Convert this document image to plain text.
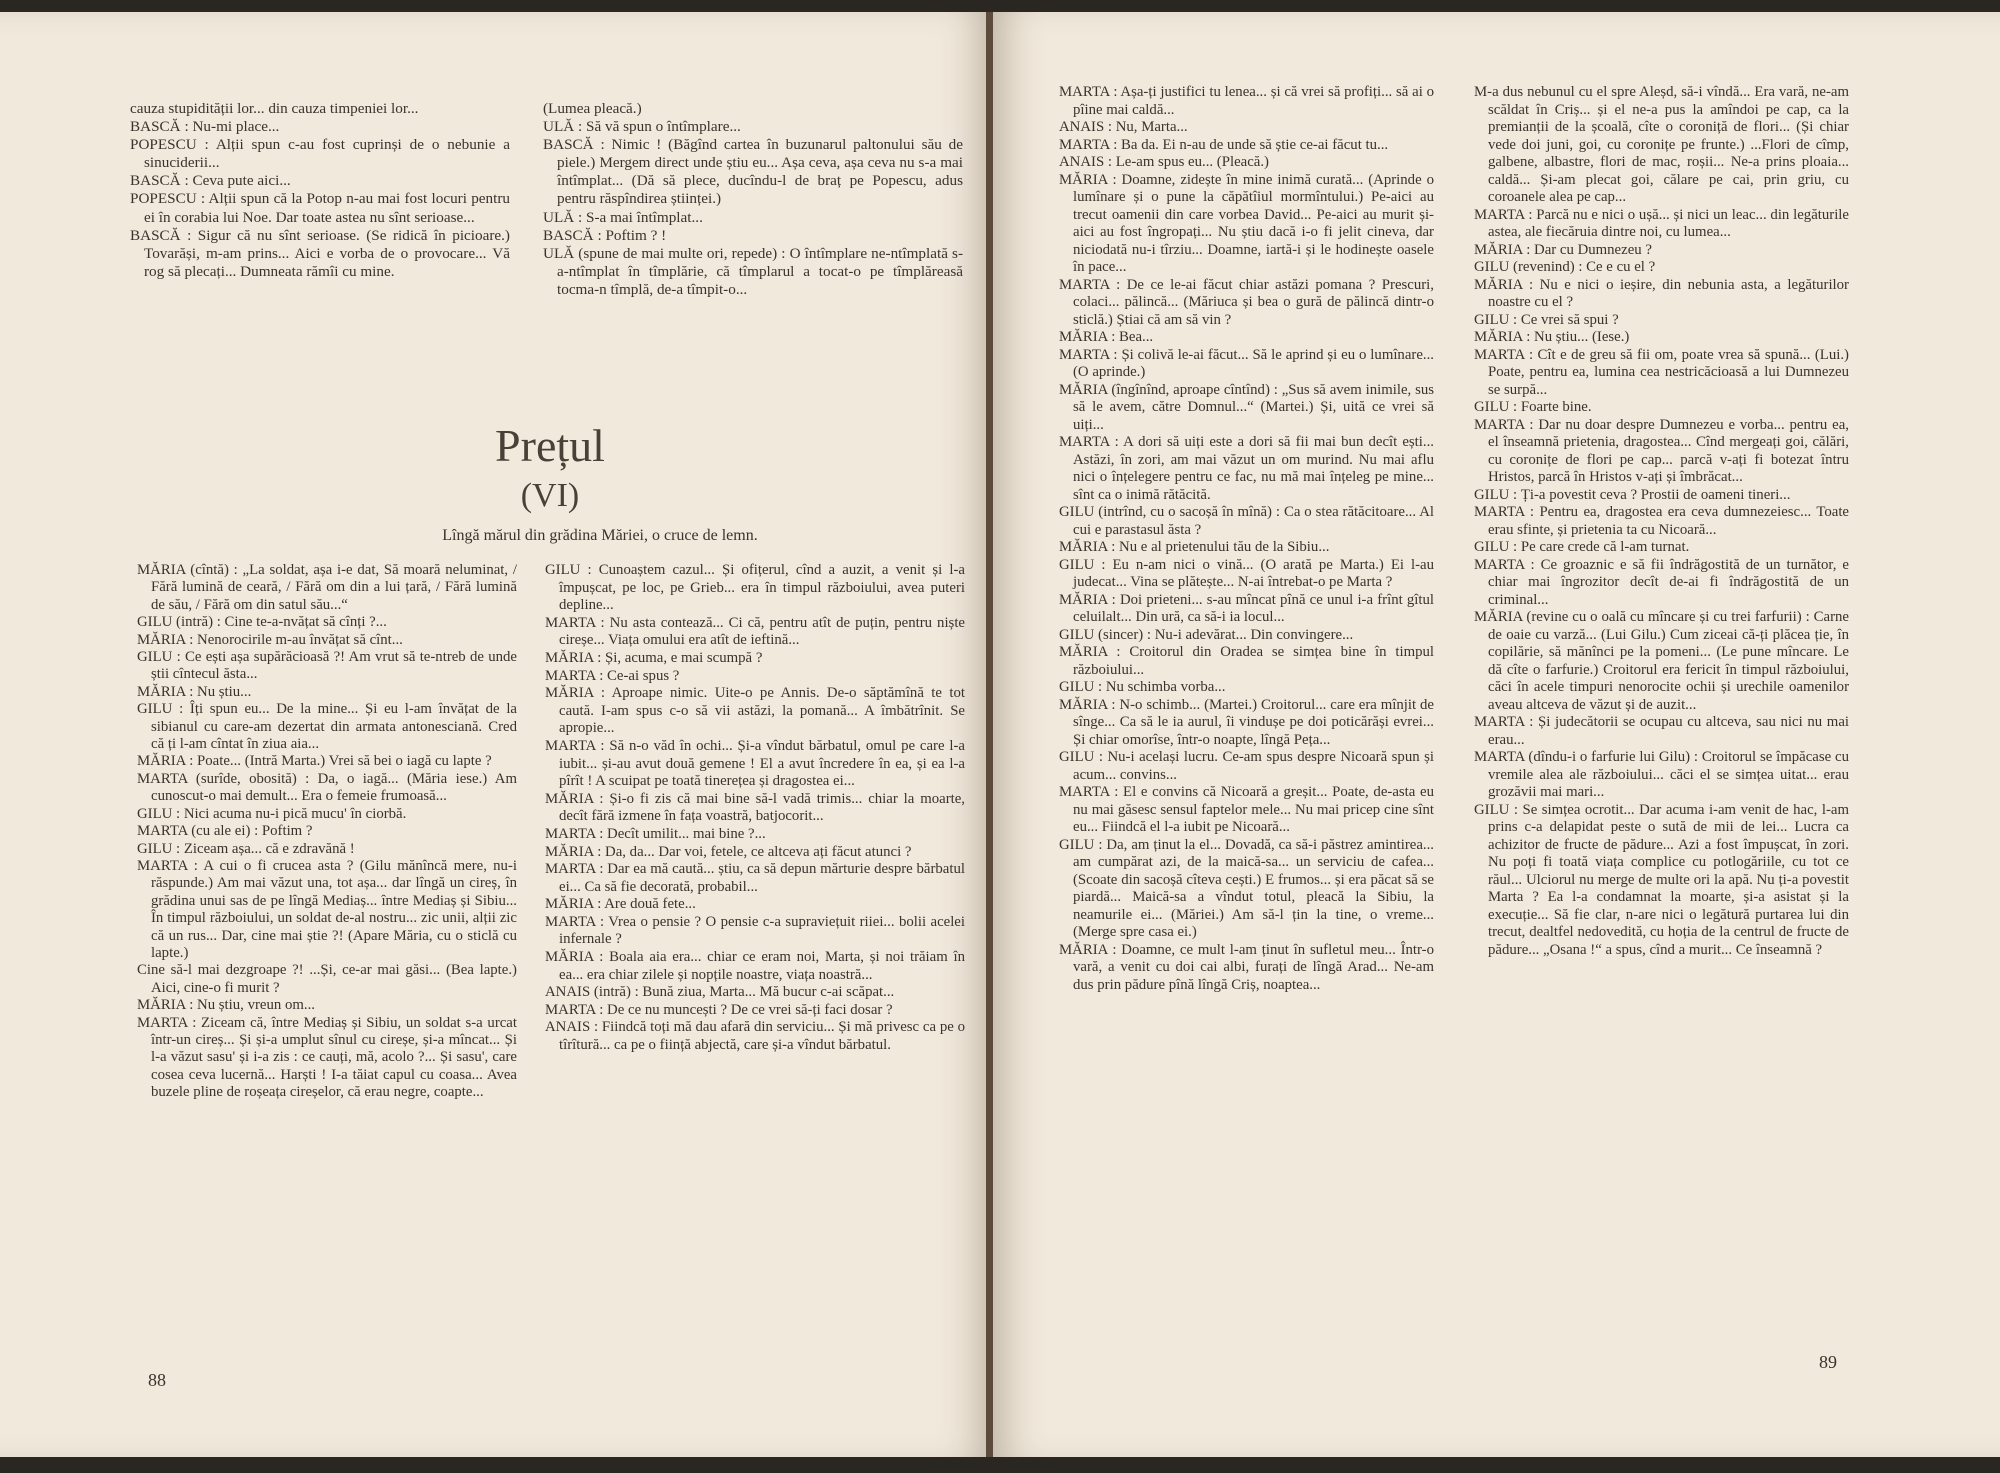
cauza stupidității lor... din cauza timpeniei lor...

BASCĂ : Nu-mi place...

POPESCU : Alții spun c-au fost cuprinși de o nebunie a sinuciderii...

BASCĂ : Ceva pute aici...

POPESCU : Alții spun că la Potop n-au mai fost locuri pentru ei în corabia lui Noe. Dar toate astea nu sînt serioase...

BASCĂ : Sigur că nu sînt serioase. (Se ridică în picioare.) Tovarăși, m-am prins... Aici e vorba de o provocare... Vă rog să plecați... Dumneata rămîi cu mine.

(Lumea pleacă.)

ULĂ : Să vă spun o întîmplare...

BASCĂ : Nimic ! (Băgînd cartea în buzunarul paltonului său de piele.) Mergem direct unde știu eu... Așa ceva, așa ceva nu s-a mai întîmplat... (Dă să plece, ducîndu-l de braț pe Popescu, adus pentru răspîndirea științei.)

ULĂ : S-a mai întîmplat...

BASCĂ : Poftim ? !

ULĂ (spune de mai multe ori, repede) : O întîmplare ne-ntîmplată s-a-ntîmplat în tîmplărie, că tîmplarul a tocat-o pe tîmplăreasă tocma-n tîmplă, de-a tîmpit-o...

Prețul
(VI)
Lîngă mărul din grădina Măriei, o cruce de lemn.

MĂRIA (cîntă) : „La soldat, așa i-e dat, Să moară neluminat, / Fără lumină de ceară, / Fără om din a lui țară, / Fără lumină de său, / Fără om din satul său...“

GILU (intră) : Cine te-a-nvățat să cînți ?...

MĂRIA : Nenorocirile m-au învățat să cînt...

GILU : Ce ești așa supărăcioasă ?! Am vrut să te-ntreb de unde știi cîntecul ăsta...

MĂRIA : Nu știu...

GILU : Îți spun eu... De la mine... Și eu l-am învățat de la sibianul cu care-am dezertat din armata antonesciană. Cred că ți l-am cîntat în ziua aia...

MĂRIA : Poate... (Intră Marta.) Vrei să bei o iagă cu lapte ?

MARTA (surîde, obosită) : Da, o iagă... (Măria iese.) Am cunoscut-o mai demult... Era o femeie frumoasă...

GILU : Nici acuma nu-i pică mucu' în ciorbă.

MARTA (cu ale ei) : Poftim ?

GILU : Ziceam așa... că e zdravănă !

MARTA : A cui o fi crucea asta ? (Gilu mănîncă mere, nu-i răspunde.) Am mai văzut una, tot așa... dar lîngă un cireș, în grădina unui sas de pe lîngă Mediaș... între Mediaș și Sibiu... În timpul războiului, un soldat de-al nostru... zic unii, alții zic că un rus... Dar, cine mai știe ?! (Apare Măria, cu o sticlă cu lapte.)

Cine să-l mai dezgroape ?! ...Și, ce-ar mai găsi... (Bea lapte.) Aici, cine-o fi murit ?

MĂRIA : Nu știu, vreun om...

MARTA : Ziceam că, între Mediaș și Sibiu, un soldat s-a urcat într-un cireș... Și și-a umplut sînul cu cireșe, și-a mîncat... Și l-a văzut sasu' și i-a zis : ce cauți, mă, acolo ?... Și sasu', care cosea ceva lucernă... Harști ! I-a tăiat capul cu coasa... Avea buzele pline de roșeața cireșelor, că erau negre, coapte...

GILU : Cunoaștem cazul... Și ofițerul, cînd a auzit, a venit și l-a împușcat, pe loc, pe Grieb... era în timpul războiului, avea puteri depline...

MARTA : Nu asta contează... Ci că, pentru atît de puțin, pentru niște cireșe... Viața omului era atît de ieftină...

MĂRIA : Și, acuma, e mai scumpă ?

MARTA : Ce-ai spus ?

MĂRIA : Aproape nimic. Uite-o pe Annis. De-o săptămînă te tot caută. I-am spus c-o să vii astăzi, la pomană... A îmbătrînit. Se apropie...

MARTA : Să n-o văd în ochi... Și-a vîndut bărbatul, omul pe care l-a iubit... și-au avut două gemene ! El a avut încredere în ea, și ea l-a pîrît ! A scuipat pe toată tinerețea și dragostea ei...

MĂRIA : Și-o fi zis că mai bine să-l vadă trimis... chiar la moarte, decît fără izmene în fața voastră, batjocorit...

MARTA : Decît umilit... mai bine ?...

MĂRIA : Da, da... Dar voi, fetele, ce altceva ați făcut atunci ?

MARTA : Dar ea mă caută... știu, ca să depun mărturie despre bărbatul ei... Ca să fie decorată, probabil...

MĂRIA : Are două fete...

MARTA : Vrea o pensie ? O pensie c-a supraviețuit riiei... bolii acelei infernale ?

MĂRIA : Boala aia era... chiar ce eram noi, Marta, și noi trăiam în ea... era chiar zilele și nopțile noastre, viața noastră...

ANAIS (intră) : Bună ziua, Marta... Mă bucur c-ai scăpat...

MARTA : De ce nu muncești ? De ce vrei să-ți faci dosar ?

ANAIS : Fiindcă toți mă dau afară din serviciu... Și mă privesc ca pe o tîrîtură... ca pe o ființă abjectă, care și-a vîndut bărbatul.

88

MARTA : Așa-ți justifici tu lenea... și că vrei să profiți... să ai o pîine mai caldă...

ANAIS : Nu, Marta...

MARTA : Ba da. Ei n-au de unde să știe ce-ai făcut tu...

ANAIS : Le-am spus eu... (Pleacă.)

MĂRIA : Doamne, zidește în mine inimă curată... (Aprinde o lumînare și o pune la căpătîiul mormîntului.) Pe-aici au trecut oamenii din care vorbea David... Pe-aici au murit și-aici au fost îngropați... Nu știu dacă i-o fi jelit cineva, dar niciodată nu-i tîrziu... Doamne, iartă-i și le hodinește oasele în pace...

MARTA : De ce le-ai făcut chiar astăzi pomana ? Prescuri, colaci... pălincă... (Măriuca și bea o gură de pălincă dintr-o sticlă.) Știai că am să vin ?

MĂRIA : Bea...

MARTA : Și colivă le-ai făcut... Să le aprind și eu o lumînare... (O aprinde.)

MĂRIA (îngînînd, aproape cîntînd) : „Sus să avem inimile, sus să le avem, către Domnul...“ (Martei.) Și, uită ce vrei să uiți...

MARTA : A dori să uiți este a dori să fii mai bun decît ești... Astăzi, în zori, am mai văzut un om murind. Nu mai aflu nici o înțelegere pentru ce fac, nu mă mai înțeleg pe mine... sînt ca o inimă rătăcită.

GILU (intrînd, cu o sacoșă în mînă) : Ca o stea rătăcitoare... Al cui e parastasul ăsta ?

MĂRIA : Nu e al prietenului tău de la Sibiu...

GILU : Eu n-am nici o vină... (O arată pe Marta.) Ei l-au judecat... Vina se plătește... N-ai întrebat-o pe Marta ?

MĂRIA : Doi prieteni... s-au mîncat pînă ce unul i-a frînt gîtul celuilalt... Din ură, ca să-i ia locul...

GILU (sincer) : Nu-i adevărat... Din convingere...

MĂRIA : Croitorul din Oradea se simțea bine în timpul războiului...

GILU : Nu schimba vorba...

MĂRIA : N-o schimb... (Martei.) Croitorul... care era mînjit de sînge... Ca să le ia aurul, îi vindușe pe doi poticărăși evrei... Și chiar omorîse, într-o noapte, lîngă Peța...

GILU : Nu-i același lucru. Ce-am spus despre Nicoară spun și acum... convins...

MARTA : El e convins că Nicoară a greșit... Poate, de-asta eu nu mai găsesc sensul faptelor mele... Nu mai pricep cine sînt eu... Fiindcă el l-a iubit pe Nicoară...

GILU : Da, am ținut la el... Dovadă, ca să-i păstrez amintirea... am cumpărat azi, de la maică-sa... un serviciu de cafea... (Scoate din sacoșă cîteva cești.) E frumos... și era păcat să se piardă... Maică-sa a vîndut totul, pleacă la Sibiu, la neamurile ei... (Măriei.) Am să-l țin la tine, o vreme... (Merge spre casa ei.)

MĂRIA : Doamne, ce mult l-am ținut în sufletul meu... Într-o vară, a venit cu doi cai albi, furați de lîngă Arad... Ne-am dus prin pădure pînă lîngă Criș, noaptea...

M-a dus nebunul cu el spre Aleșd, să-i vîndă... Era vară, ne-am scăldat în Criș... și el ne-a pus la amîndoi pe cap, ca la premianții de la școală, cîte o coroniță de flori... (Și chiar vede doi juni, goi, cu coronițe pe frunte.) ...Flori de cîmp, galbene, albastre, flori de mac, roșii... Ne-a prins ploaia... caldă... Și-am plecat goi, călare pe cai, prin griu, cu coroanele alea pe cap...

MARTA : Parcă nu e nici o ușă... și nici un leac... din legăturile astea, ale fiecăruia dintre noi, cu lumea...

MĂRIA : Dar cu Dumnezeu ?

GILU (revenind) : Ce e cu el ?

MĂRIA : Nu e nici o ieșire, din nebunia asta, a legăturilor noastre cu el ?

GILU : Ce vrei să spui ?

MĂRIA : Nu știu... (Iese.)

MARTA : Cît e de greu să fii om, poate vrea să spună... (Lui.) Poate, pentru ea, lumina cea nestricăcioasă a lui Dumnezeu se surpă...

GILU : Foarte bine.

MARTA : Dar nu doar despre Dumnezeu e vorba... pentru ea, el înseamnă prietenia, dragostea... Cînd mergeați goi, călări, cu coronițe de flori pe cap... parcă v-ați fi botezat întru Hristos, parcă în Hristos v-ați și îmbrăcat...

GILU : Ți-a povestit ceva ? Prostii de oameni tineri...

MARTA : Pentru ea, dragostea era ceva dumnezeiesc... Toate erau sfinte, și prietenia ta cu Nicoară...

GILU : Pe care crede că l-am turnat.

MARTA : Ce groaznic e să fii îndrăgostită de un turnător, e chiar mai îngrozitor decît de-ai fi îndrăgostită de un criminal...

MĂRIA (revine cu o oală cu mîncare și cu trei farfurii) : Carne de oaie cu varză... (Lui Gilu.) Cum ziceai că-ți plăcea ție, în copilărie, să mănînci pe la pomeni... (Le pune mîncare. Le dă cîte o farfurie.) Croitorul era fericit în timpul războiului, căci în acele timpuri nenorocite ochii și urechile oamenilor aveau altceva de văzut și de auzit...

MARTA : Și judecătorii se ocupau cu altceva, sau nici nu mai erau...

MARTA (dîndu-i o farfurie lui Gilu) : Croitorul se împăcase cu vremile alea ale războiului... căci el se simțea uitat... erau grozăvii mai mari...

GILU : Se simțea ocrotit... Dar acuma i-am venit de hac, l-am prins c-a delapidat peste o sută de mii de lei... Lucra ca achizitor de fructe de pădure... Azi a fost împușcat, în zori. Nu poți fi toată viața complice cu potlogăriile, cu tot ce răul... Ulciorul nu merge de multe ori la apă. Nu ți-a povestit Marta ? Ea l-a condamnat la moarte, și-a asistat și la execuție... Să fie clar, n-are nici o legătură purtarea lui din trecut, dealtfel nedovedită, cu hoția de la centrul de fructe de pădure... „Osana !“ a spus, cînd a murit... Ce înseamnă ?

89
